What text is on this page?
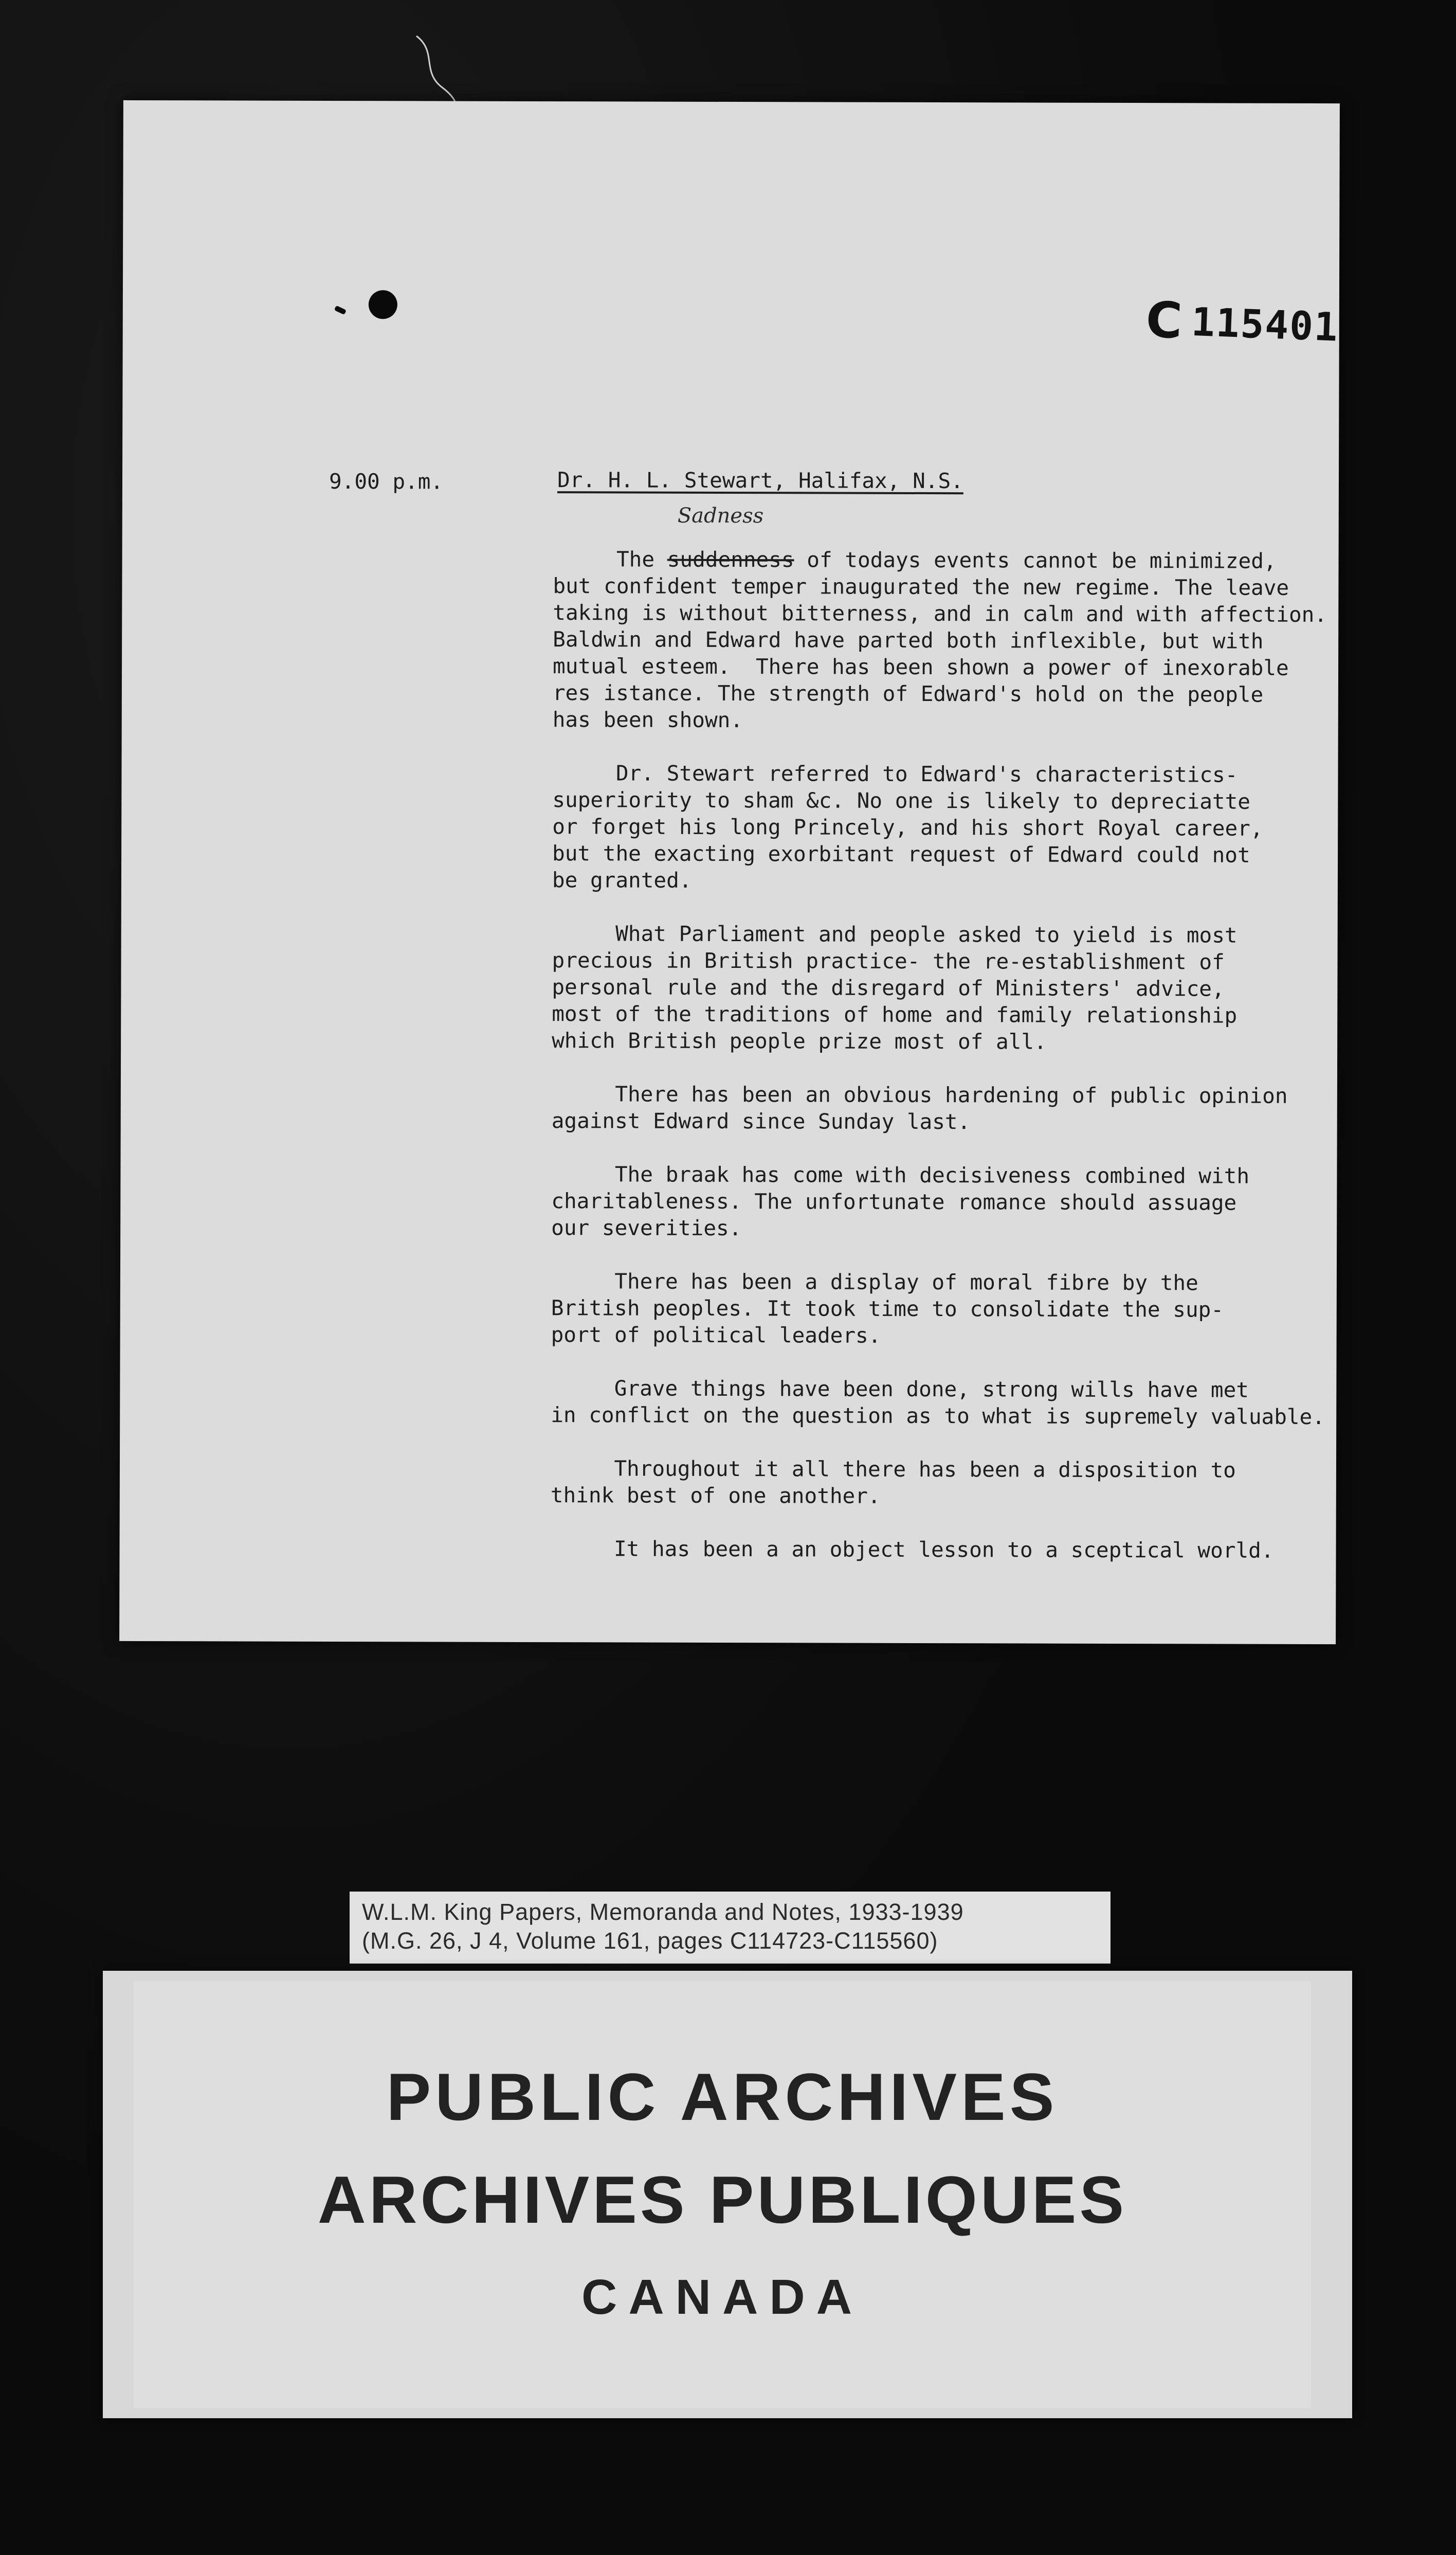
C 115401
9.00 p.m.	Dr. H. L. Stewart, Halifax, N.S.
Sadness
The suddenness of todays events cannot be minimized,
but confident temper inaugurated the new regime. The leave
taking is without bitterness, and in calm and with affection.
Baldwin and Edward have parted both inflexible, but with
mutual esteem.  There has been shown a power of inexorable
res istance. The strength of Edward's hold on the people
has been shown.
Dr. Stewart referred to Edward's characteristics-
superiority to sham &c. No one is likely to depreciatte
or forget his long Princely, and his short Royal career,
but the exacting exorbitant request of Edward could not
be granted.
What Parliament and people asked to yield is most
precious in British practice- the re-establishment of
personal rule and the disregard of Ministers' advice,
most of the traditions of home and family relationship
which British people prize most of all.
There has been an obvious hardening of public opinion
against Edward since Sunday last.
The braak has come with decisiveness combined with
charitableness. The unfortunate romance should assuage
our severities.
There has been a display of moral fibre by the
British peoples. It took time to consolidate the sup-
port of political leaders.
Grave things have been done, strong wills have met
in conflict on the question as to what is supremely valuable.
Throughout it all there has been a disposition to
think best of one another.
It has been a an object lesson to a sceptical world.
W.L.M. King Papers, Memoranda and Notes, 1933-1939
(M.G. 26, J 4, Volume 161, pages C114723-C115560)
PUBLIC ARCHIVES
ARCHIVES PUBLIQUES
CANADA
